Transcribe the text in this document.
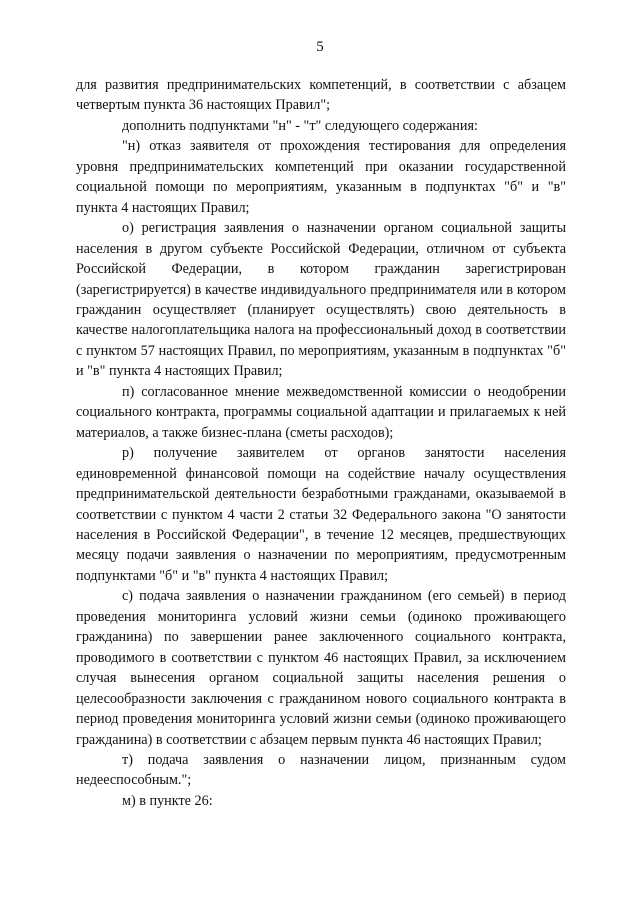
5

для развития предпринимательских компетенций, в соответствии с абзацем четвертым пункта 36 настоящих Правил";

дополнить подпунктами "н" - "т" следующего содержания:

"н) отказ заявителя от прохождения тестирования для определения уровня предпринимательских компетенций при оказании государственной социальной помощи по мероприятиям, указанным в подпунктах "б" и "в" пункта 4 настоящих Правил;

о) регистрация заявления о назначении органом социальной защиты населения в другом субъекте Российской Федерации, отличном от субъекта Российской Федерации, в котором гражданин зарегистрирован (зарегистрируется) в качестве индивидуального предпринимателя или в котором гражданин осуществляет (планирует осуществлять) свою деятельность в качестве налогоплательщика налога на профессиональный доход в соответствии с пунктом 57 настоящих Правил, по мероприятиям, указанным в подпунктах "б" и "в" пункта 4 настоящих Правил;

п) согласованное мнение межведомственной комиссии о неодобрении социального контракта, программы социальной адаптации и прилагаемых к ней материалов, а также бизнес-плана (сметы расходов);

р) получение заявителем от органов занятости населения единовременной финансовой помощи на содействие началу осуществления предпринимательской деятельности безработными гражданами, оказываемой в соответствии с пунктом 4 части 2 статьи 32 Федерального закона "О занятости населения в Российской Федерации", в течение 12 месяцев, предшествующих месяцу подачи заявления о назначении по мероприятиям, предусмотренным подпунктами "б" и "в" пункта 4 настоящих Правил;

с) подача заявления о назначении гражданином (его семьей) в период проведения мониторинга условий жизни семьи (одиноко проживающего гражданина) по завершении ранее заключенного социального контракта, проводимого в соответствии с пунктом 46 настоящих Правил, за исключением случая вынесения органом социальной защиты населения решения о целесообразности заключения с гражданином нового социального контракта в период проведения мониторинга условий жизни семьи (одиноко проживающего гражданина) в соответствии с абзацем первым пункта 46 настоящих Правил;

т) подача заявления о назначении лицом, признанным судом недееспособным.";

м) в пункте 26:
